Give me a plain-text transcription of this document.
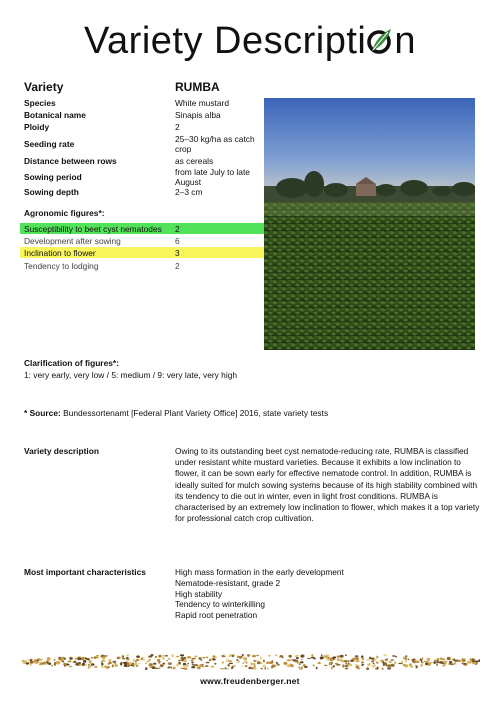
Variety Descripti n
Variety	RUMBA
Species	White mustard
Botanical name	Sinapis alba
Ploidy	2
Seeding rate	25–30 kg/ha as catch
crop
Distance between rows	as cereals
Sowing period	from late July to late
August
Sowing depth	2–3 cm
Agronomic figures*:
Susceptibility to beet cyst nematodes 2
Development after sowing	6
Inclination to flower	3
Tendency to lodging	2
Clarification of figures*:
1: very early, very low / 5: medium / 9: very late, very high
* Source: Bundessortenamt [Federal Plant Variety Office] 2016, state variety tests
Variety description	Owing to its outstanding beet cyst nematode-reducing rate, RUMBA is classified under resistant white mustard varieties. Because it exhibits a low inclination to flower, it can be sown early for effective nematode control. In addition, RUMBA is ideally suited for mulch sowing systems because of its high stability combined with its tendency to die out in winter, even in light frost conditions. RUMBA is characterised by an extremely low inclination to flower, which makes it a top variety for professional catch crop cultivation.
Most important characteristics	High mass formation in the early development
Nematode-resistant, grade 2
High stability
Tendency to winterkilling
Rapid root penetration
www.freudenberger.net
